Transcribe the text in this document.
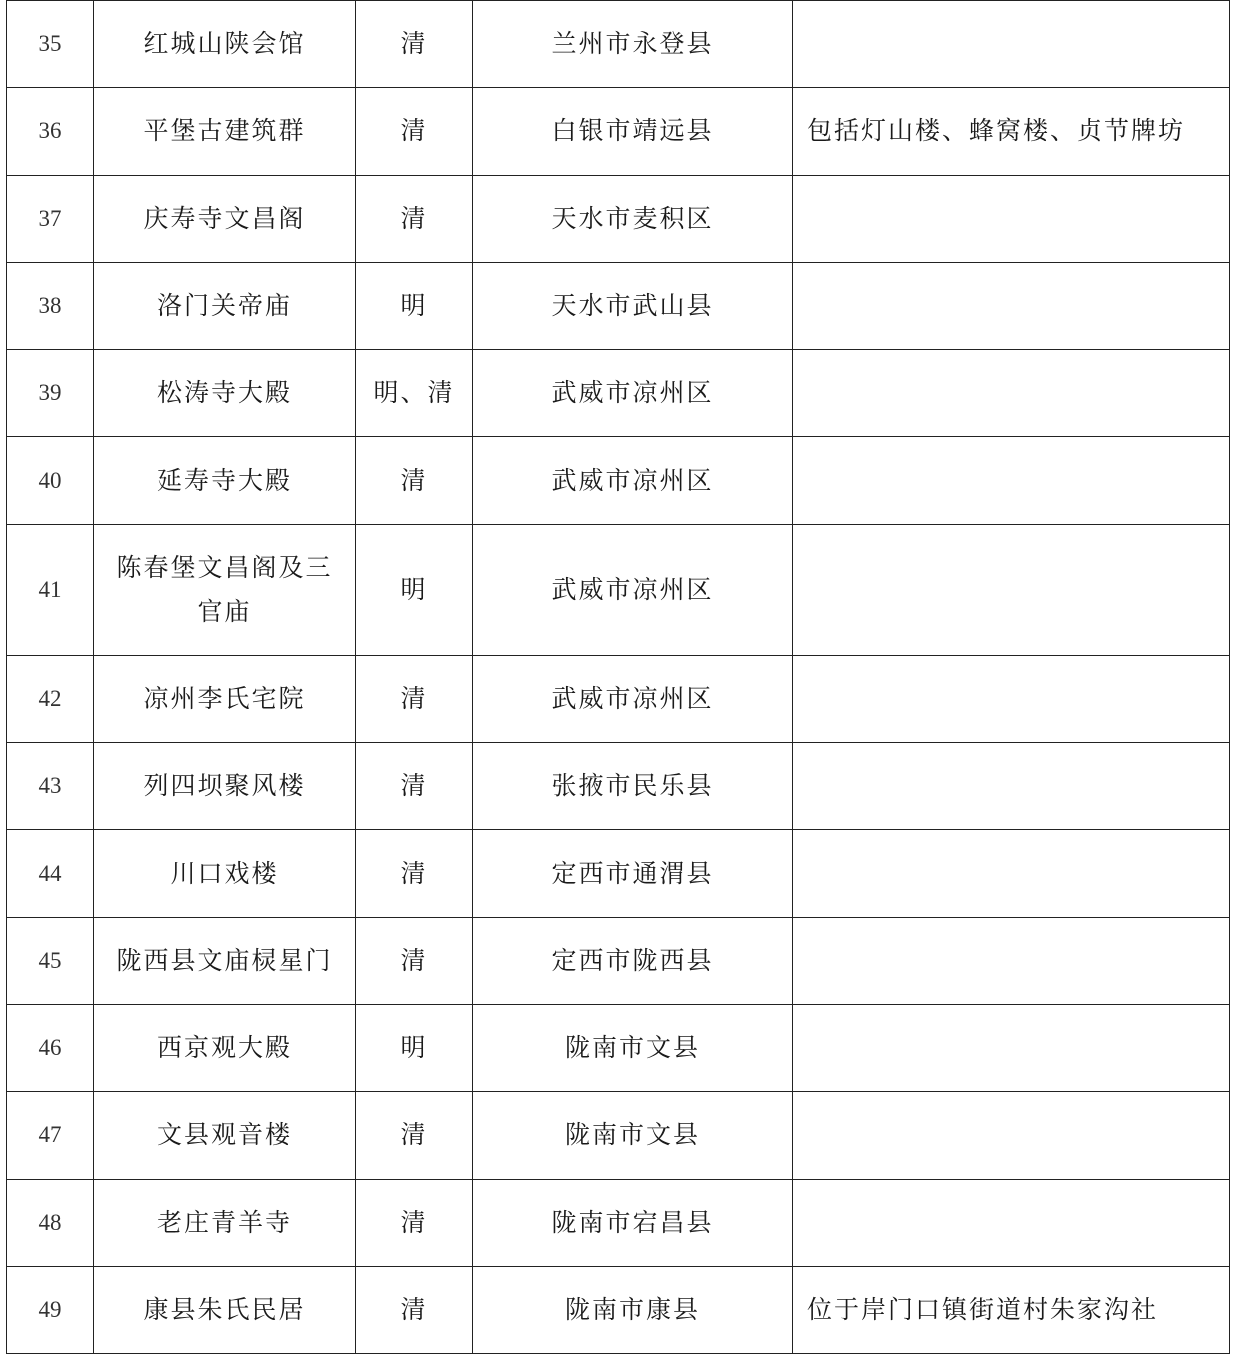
35	红城山陕会馆	清	兰州市永登县	
36	平堡古建筑群	清	白银市靖远县	包括灯山楼、蜂窝楼、贞节牌坊
37	庆寿寺文昌阁	清	天水市麦积区	
38	洛门关帝庙	明	天水市武山县	
39	松涛寺大殿	明、清	武威市凉州区	
40	延寿寺大殿	清	武威市凉州区	
41	陈春堡文昌阁及三官庙	明	武威市凉州区	
42	凉州李氏宅院	清	武威市凉州区	
43	列四坝聚风楼	清	张掖市民乐县	
44	川口戏楼	清	定西市通渭县	
45	陇西县文庙棂星门	清	定西市陇西县	
46	西京观大殿	明	陇南市文县	
47	文县观音楼	清	陇南市文县	
48	老庄青羊寺	清	陇南市宕昌县	
49	康县朱氏民居	清	陇南市康县	位于岸门口镇街道村朱家沟社
